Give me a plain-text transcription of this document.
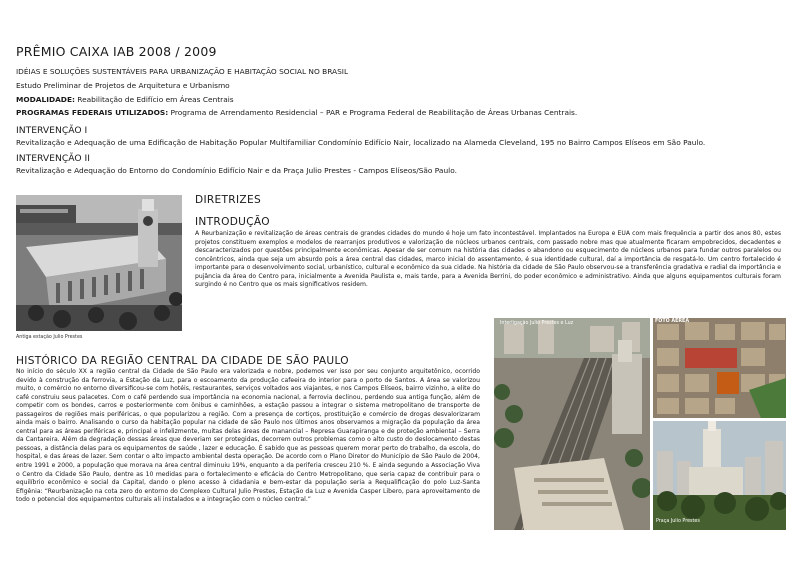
PRÊMIO CAIXA IAB 2008 / 2009
IDÉIAS E SOLUÇÕES SUSTENTÁVEIS PARA URBANIZAÇÃO E HABITAÇÃO SOCIAL NO BRASIL
Estudo Preliminar de Projetos de Arquitetura e Urbanismo
MODALIDADE: Reabilitação de Edifício em Áreas Centrais
PROGRAMAS FEDERAIS UTILIZADOS: Programa de Arrendamento Residencial – PAR e Programa Federal de Reabilitação de Áreas Urbanas Centrais.
INTERVENÇÃO I
Revitalização e Adequação de uma Edificação de Habitação Popular Multifamiliar Condomínio Edifício Nair, localizado na Alameda Cleveland, 195 no Bairro Campos Elíseos em São Paulo.
INTERVENÇÃO II
Revitalização e Adequação do Entorno do Condomínio Edifício Nair e da Praça Julio Prestes - Campos Elíseos/São Paulo.
Antiga estação Julio Prestes
DIRETRIZES
INTRODUÇÃO

A Reurbanização e revitalização de áreas centrais de grandes cidades do mundo é hoje um fato incontestável. Implantados na Europa e EUA com mais frequência a partir dos anos 80, estes projetos constituem exemplos e modelos de rearranjos produtivos e valorização de núcleos urbanos centrais, com passado nobre mas que atualmente ficaram empobrecidos, decadentes e descaracterizados por questões principalmente econômicas. Apesar de ser comum na história das cidades o abandono ou esquecimento de núcleos urbanos para fundar outros paralelos ou concêntricos, ainda que seja um absurdo pois a área central das cidades, marco inicial do assentamento, é sua identidade cultural, daí a importância de resgatá-lo. Um centro fortalecido é importante para o desenvolvimento social, urbanístico, cultural e econômico da sua cidade. Na história da cidade de São Paulo observou-se a transferência gradativa e radial da importância e pujância da área do Centro para, inicialmente a Avenida Paulista e, mais tarde, para a Avenida Berrini, do poder econômico e administrativo. Ainda que alguns equipamentos culturais foram surgindo é no Centro que os mais significativos residem.

HISTÓRICO DA REGIÃO CENTRAL DA CIDADE DE SÃO PAULO

No início do século XX a região central da Cidade de São Paulo era valorizada e nobre, podemos ver isso por seu conjunto arquitetônico, ocorrido devido à construção da ferrovia, a Estação da Luz, para o escoamento da produção cafeeira do interior para o porto de Santos. A área se valorizou muito, o comércio no entorno diversificou-se com hotéis, restaurantes, serviços voltados aos viajantes, e nos Campos Elíseos, bairro vizinho, a elite do café construiu seus palacetes. Com o café perdendo sua importância na economia nacional, a ferrovia declinou, perdendo sua antiga função, além de competir com os bondes, carros e posteriormente com ônibus e caminhões, a estação passou a integrar o sistema metropolitano de transporte de passageiros de regiões mais periféricas, o que popularizou a região. Com a presença de cortiços, prostituição e comércio de drogas desvalorizaram ainda mais o bairro. Analisando o curso da habitação popular na cidade de são Paulo nos últimos anos observamos a migração da população da área central para as áreas periféricas e, principal e infelizmente, muitas delas áreas de manancial – Represa Guarapiranga e de proteção ambiental – Serra da Cantareira. Além da degradação dessas áreas que deveriam ser protegidas, decorrem outros problemas como o alto custo do deslocamento destas pessoas, a distância delas para os equipamentos de saúde , lazer e educação. É sabido que as pessoas querem morar perto do trabalho, da escola, do hospital, e das áreas de lazer. Sem contar o alto impacto ambiental desta operação. De acordo com o Plano Diretor do Município de São Paulo de 2004, entre 1991 e 2000, a população que morava na área central diminuiu 19%, enquanto a da periferia cresceu 210 %. E ainda segundo a Associação Viva o Centro da Cidade São Paulo, dentre as 10 medidas para o fortalecimento e eficácia do Centro Metropolitano, que seria capaz de contribuir para o equilíbrio econômico e social da Capital, dando o pleno acesso à cidadania e bem-estar da população seria a Requalificação do polo Luz-Santa Efigênia: “Reurbanização na cota zero do entorno do Complexo Cultural Julio Prestes, Estação da Luz e Avenida Casper Libero, para aproveitamento de todo o potencial dos equipamentos culturais ali instalados e a integração com o núcleo central.”

Interligação Julio Prestes e Luz	FOTO AÉREA
Praça Julio Prestes
